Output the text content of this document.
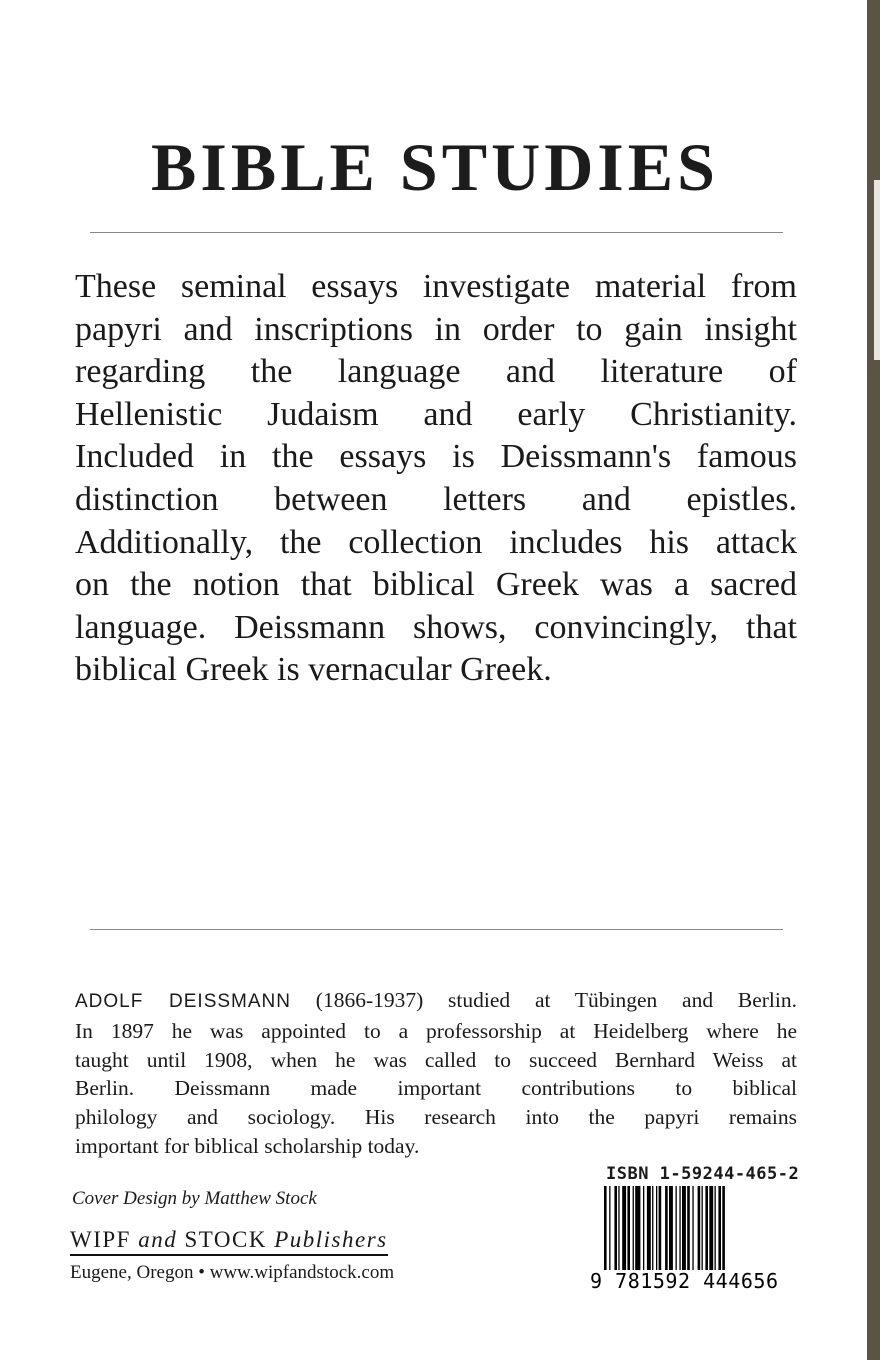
BIBLE STUDIES
These seminal essays investigate material from
papyri and inscriptions in order to gain insight
regarding the language and literature of
Hellenistic Judaism and early Christianity.
Included in the essays is Deissmann's famous
distinction between letters and epistles.
Additionally, the collection includes his attack
on the notion that biblical Greek was a sacred
language. Deissmann shows, convincingly, that
biblical Greek is vernacular Greek.
ADOLF DEISSMANN (1866-1937) studied at Tübingen and Berlin.
In 1897 he was appointed to a professorship at Heidelberg where he
taught until 1908, when he was called to succeed Bernhard Weiss at
Berlin. Deissmann made important contributions to biblical
philology and sociology. His research into the papyri remains
important for biblical scholarship today.
Cover Design by Matthew Stock
WIPF and STOCK Publishers
Eugene, Oregon • www.wipfandstock.com
ISBN 1-59244-465-2
9 781592 444656
